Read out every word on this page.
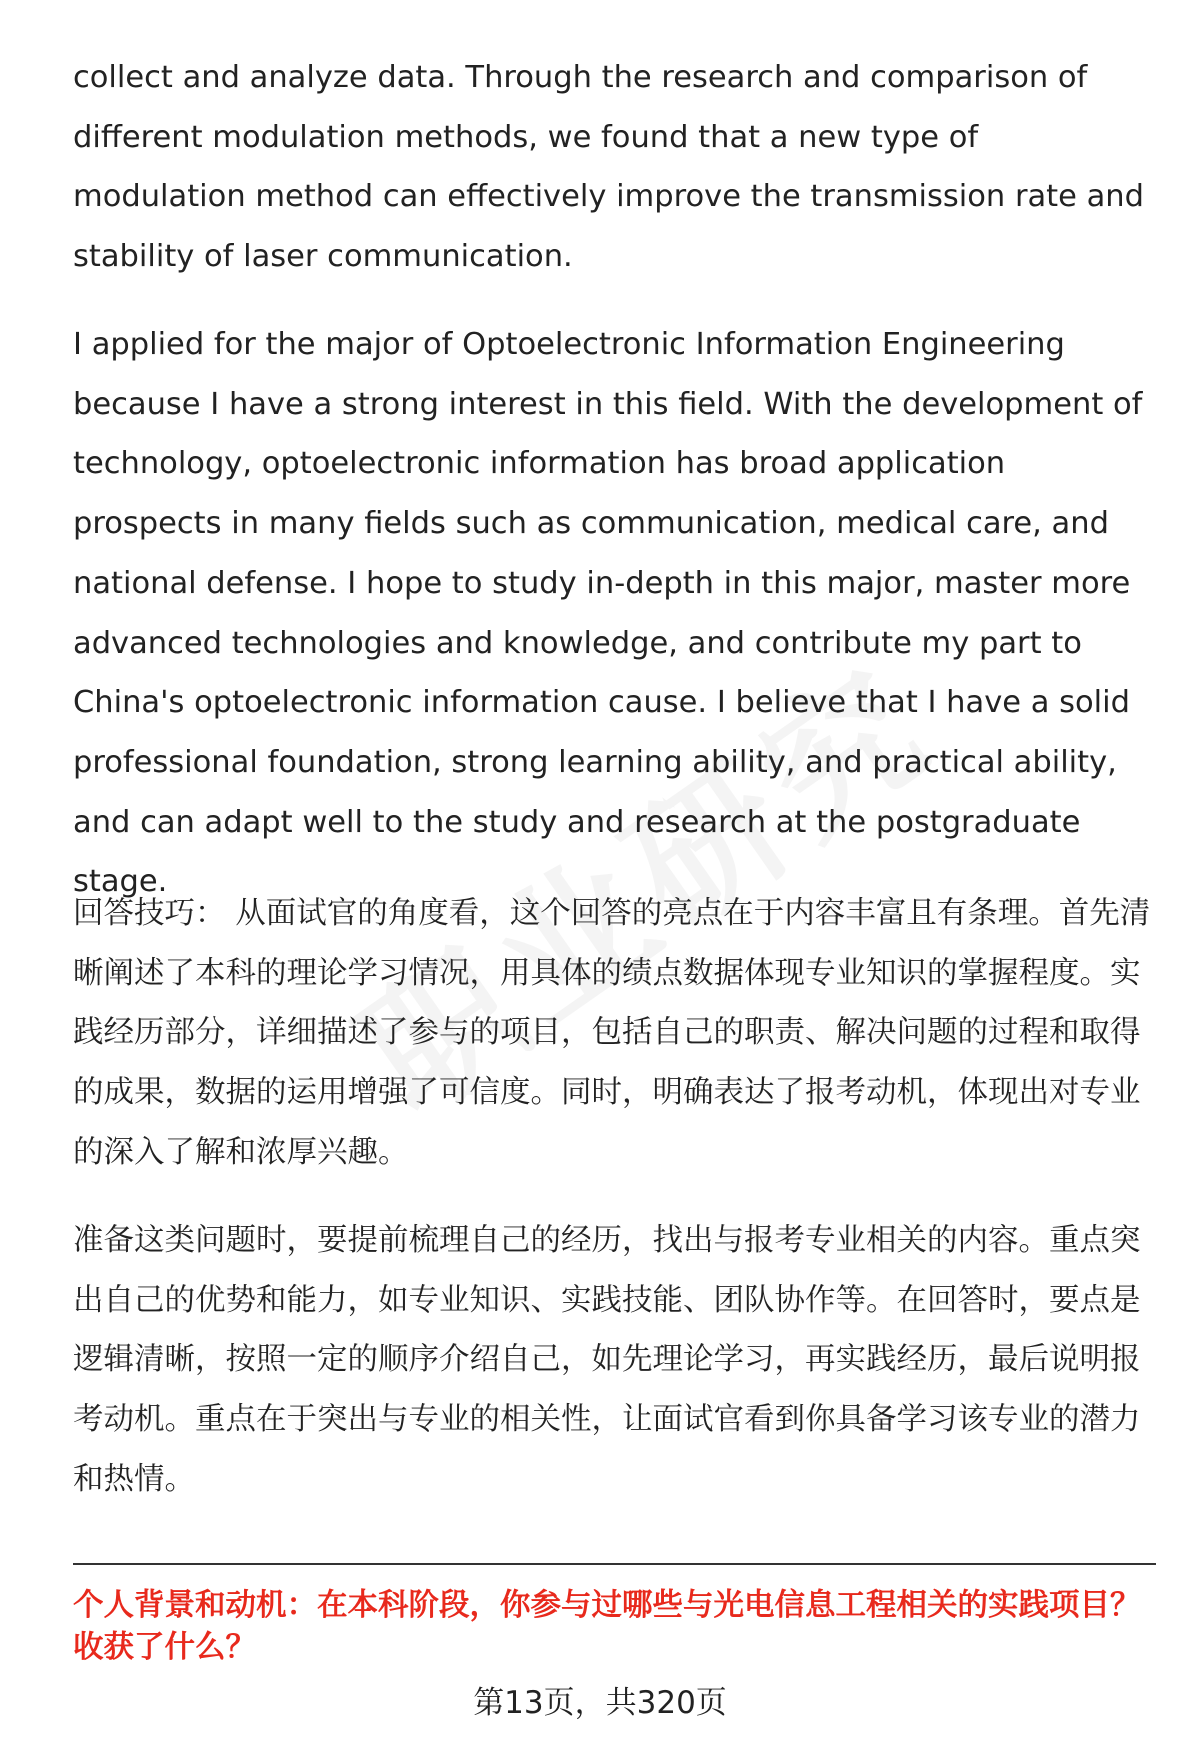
collect and analyze data. Through the research and comparison of different modulation methods, we found that a new type of modulation method can effectively improve the transmission rate and stability of laser communication.

I applied for the major of Optoelectronic Information Engineering because I have a strong interest in this field. With the development of technology, optoelectronic information has broad application prospects in many fields such as communication, medical care, and national defense. I hope to study in-depth in this major, master more advanced technologies and knowledge, and contribute my part to China's optoelectronic information cause. I believe that I have a solid professional foundation, strong learning ability, and practical ability, and can adapt well to the study and research at the postgraduate stage.

回答技巧： 从面试官的角度看，这个回答的亮点在于内容丰富且有条理。首先清晰阐述了本科的理论学习情况，用具体的绩点数据体现专业知识的掌握程度。实践经历部分，详细描述了参与的项目，包括自己的职责、解决问题的过程和取得的成果，数据的运用增强了可信度。同时，明确表达了报考动机，体现出对专业的深入了解和浓厚兴趣。

准备这类问题时，要提前梳理自己的经历，找出与报考专业相关的内容。重点突出自己的优势和能力，如专业知识、实践技能、团队协作等。在回答时，要点是逻辑清晰，按照一定的顺序介绍自己，如先理论学习，再实践经历，最后说明报考动机。重点在于突出与专业的相关性，让面试官看到你具备学习该专业的潜力和热情。

个人背景和动机：在本科阶段，你参与过哪些与光电信息工程相关的实践项目？收获了什么？

第13页，共320页
